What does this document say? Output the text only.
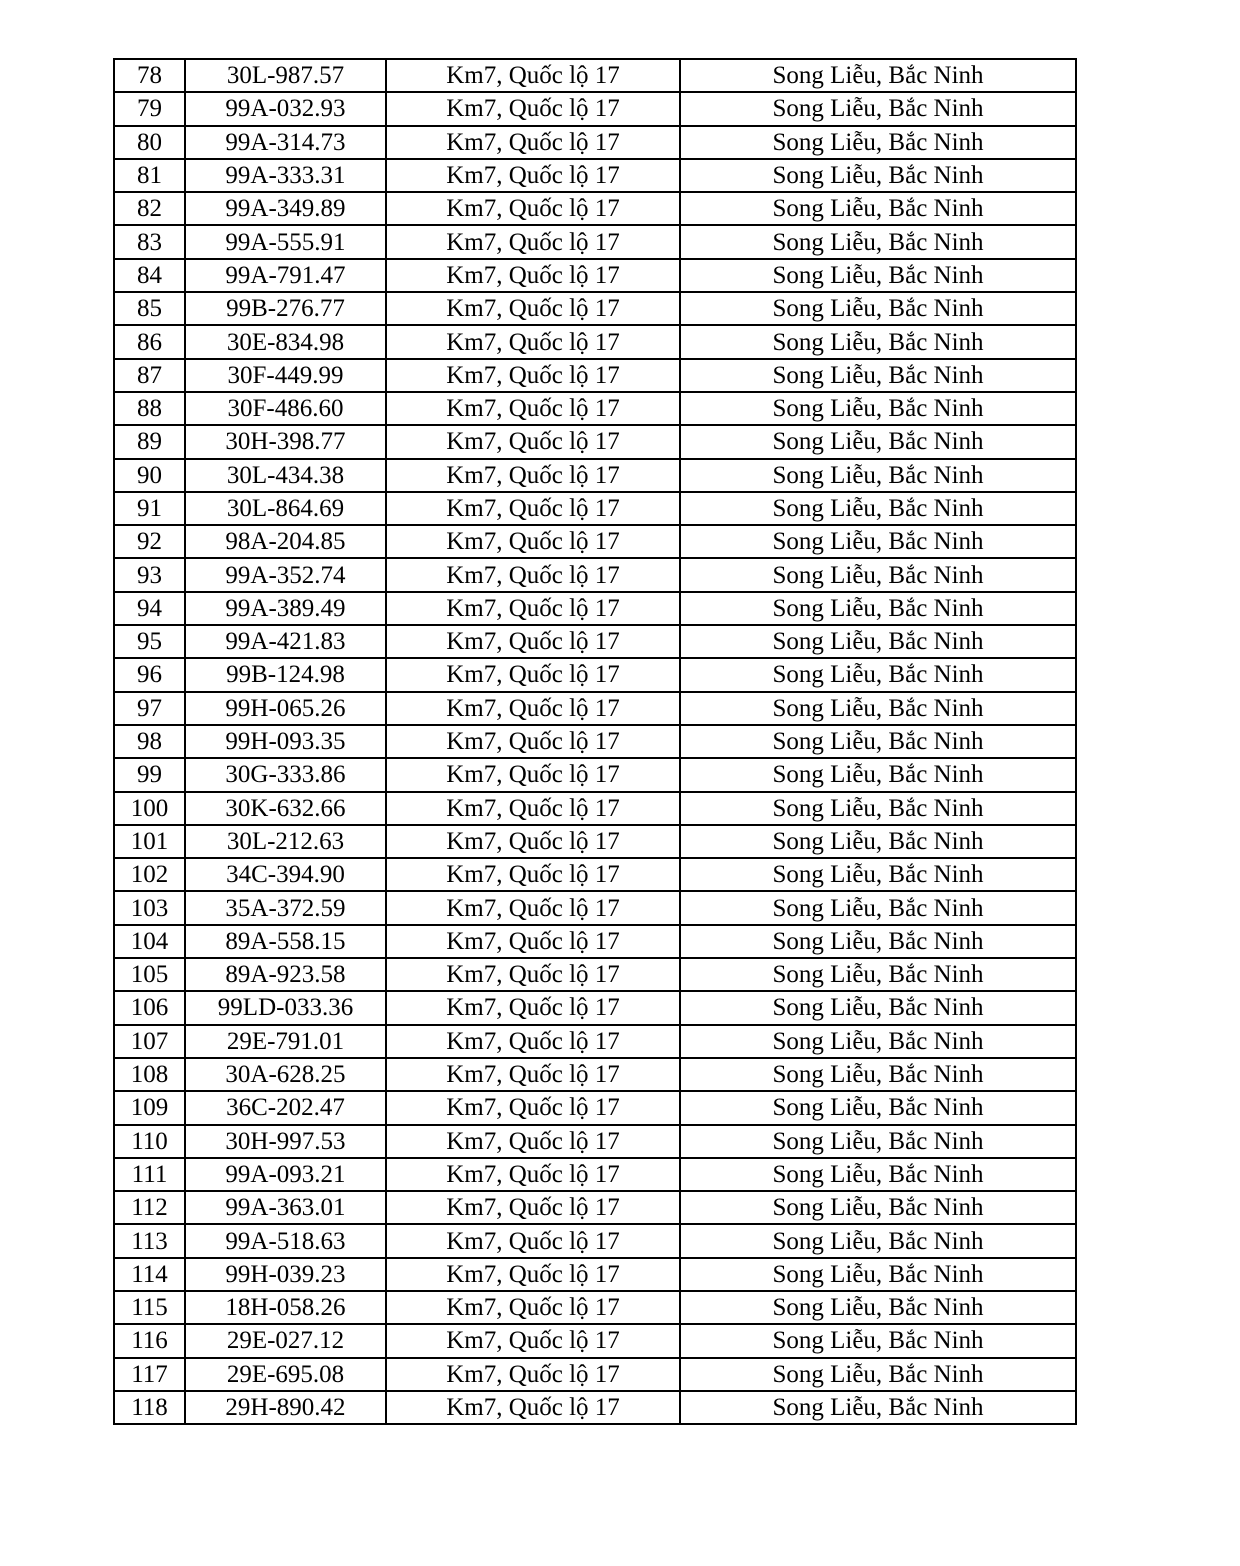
78	30L-987.57	Km7, Quốc lộ 17	Song Liễu, Bắc Ninh
79	99A-032.93	Km7, Quốc lộ 17	Song Liễu, Bắc Ninh
80	99A-314.73	Km7, Quốc lộ 17	Song Liễu, Bắc Ninh
81	99A-333.31	Km7, Quốc lộ 17	Song Liễu, Bắc Ninh
82	99A-349.89	Km7, Quốc lộ 17	Song Liễu, Bắc Ninh
83	99A-555.91	Km7, Quốc lộ 17	Song Liễu, Bắc Ninh
84	99A-791.47	Km7, Quốc lộ 17	Song Liễu, Bắc Ninh
85	99B-276.77	Km7, Quốc lộ 17	Song Liễu, Bắc Ninh
86	30E-834.98	Km7, Quốc lộ 17	Song Liễu, Bắc Ninh
87	30F-449.99	Km7, Quốc lộ 17	Song Liễu, Bắc Ninh
88	30F-486.60	Km7, Quốc lộ 17	Song Liễu, Bắc Ninh
89	30H-398.77	Km7, Quốc lộ 17	Song Liễu, Bắc Ninh
90	30L-434.38	Km7, Quốc lộ 17	Song Liễu, Bắc Ninh
91	30L-864.69	Km7, Quốc lộ 17	Song Liễu, Bắc Ninh
92	98A-204.85	Km7, Quốc lộ 17	Song Liễu, Bắc Ninh
93	99A-352.74	Km7, Quốc lộ 17	Song Liễu, Bắc Ninh
94	99A-389.49	Km7, Quốc lộ 17	Song Liễu, Bắc Ninh
95	99A-421.83	Km7, Quốc lộ 17	Song Liễu, Bắc Ninh
96	99B-124.98	Km7, Quốc lộ 17	Song Liễu, Bắc Ninh
97	99H-065.26	Km7, Quốc lộ 17	Song Liễu, Bắc Ninh
98	99H-093.35	Km7, Quốc lộ 17	Song Liễu, Bắc Ninh
99	30G-333.86	Km7, Quốc lộ 17	Song Liễu, Bắc Ninh
100	30K-632.66	Km7, Quốc lộ 17	Song Liễu, Bắc Ninh
101	30L-212.63	Km7, Quốc lộ 17	Song Liễu, Bắc Ninh
102	34C-394.90	Km7, Quốc lộ 17	Song Liễu, Bắc Ninh
103	35A-372.59	Km7, Quốc lộ 17	Song Liễu, Bắc Ninh
104	89A-558.15	Km7, Quốc lộ 17	Song Liễu, Bắc Ninh
105	89A-923.58	Km7, Quốc lộ 17	Song Liễu, Bắc Ninh
106	99LD-033.36	Km7, Quốc lộ 17	Song Liễu, Bắc Ninh
107	29E-791.01	Km7, Quốc lộ 17	Song Liễu, Bắc Ninh
108	30A-628.25	Km7, Quốc lộ 17	Song Liễu, Bắc Ninh
109	36C-202.47	Km7, Quốc lộ 17	Song Liễu, Bắc Ninh
110	30H-997.53	Km7, Quốc lộ 17	Song Liễu, Bắc Ninh
111	99A-093.21	Km7, Quốc lộ 17	Song Liễu, Bắc Ninh
112	99A-363.01	Km7, Quốc lộ 17	Song Liễu, Bắc Ninh
113	99A-518.63	Km7, Quốc lộ 17	Song Liễu, Bắc Ninh
114	99H-039.23	Km7, Quốc lộ 17	Song Liễu, Bắc Ninh
115	18H-058.26	Km7, Quốc lộ 17	Song Liễu, Bắc Ninh
116	29E-027.12	Km7, Quốc lộ 17	Song Liễu, Bắc Ninh
117	29E-695.08	Km7, Quốc lộ 17	Song Liễu, Bắc Ninh
118	29H-890.42	Km7, Quốc lộ 17	Song Liễu, Bắc Ninh
